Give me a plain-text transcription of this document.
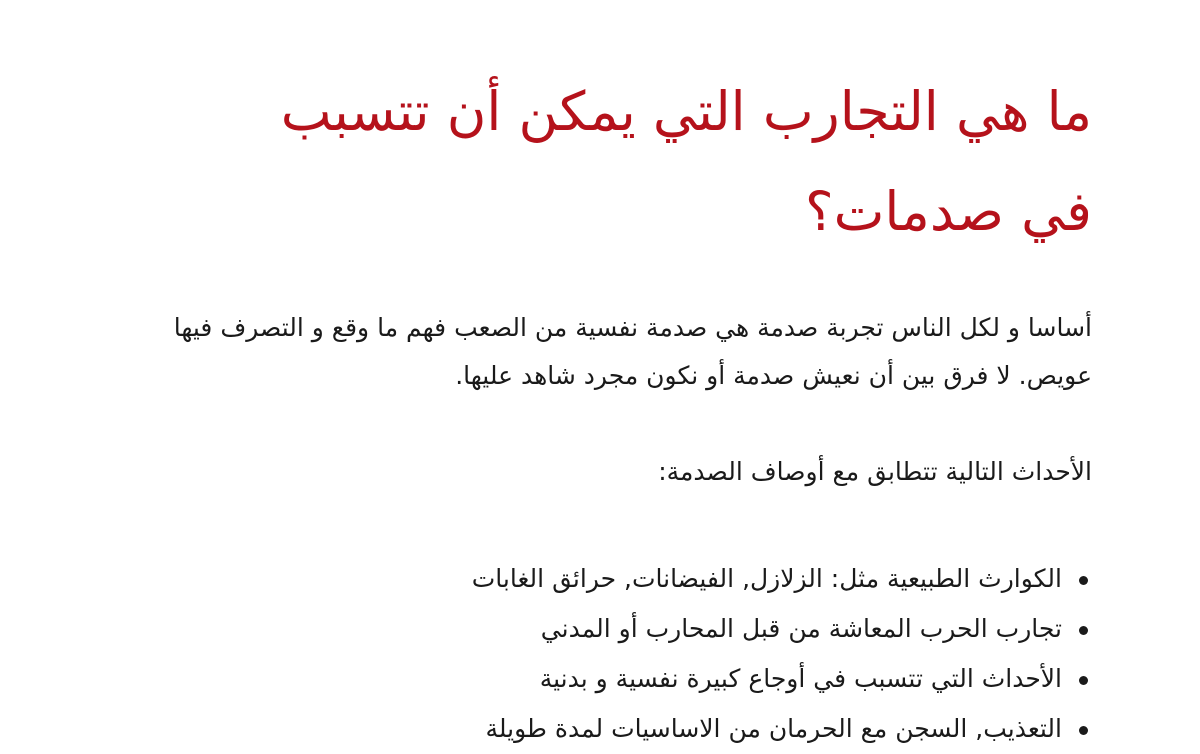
ما هي التجارب التي يمكن أن تتسبب في صدمات؟

أساسا و لكل الناس تجربة صدمة هي صدمة نفسية من الصعب فهم ما وقع و التصرف فيها عويص. لا فرق بين أن نعيش صدمة أو نكون مجرد شاهد عليها.

الأحداث التالية تتطابق مع أوصاف الصدمة:

الكوارث الطبيعية مثل: الزلازل, الفيضانات, حرائق الغابات
تجارب الحرب المعاشة من قبل المحارب أو المدني
الأحداث التي تتسبب في أوجاع كبيرة نفسية و بدنية
التعذيب, السجن مع الحرمان من الاساسيات لمدة طويلة
